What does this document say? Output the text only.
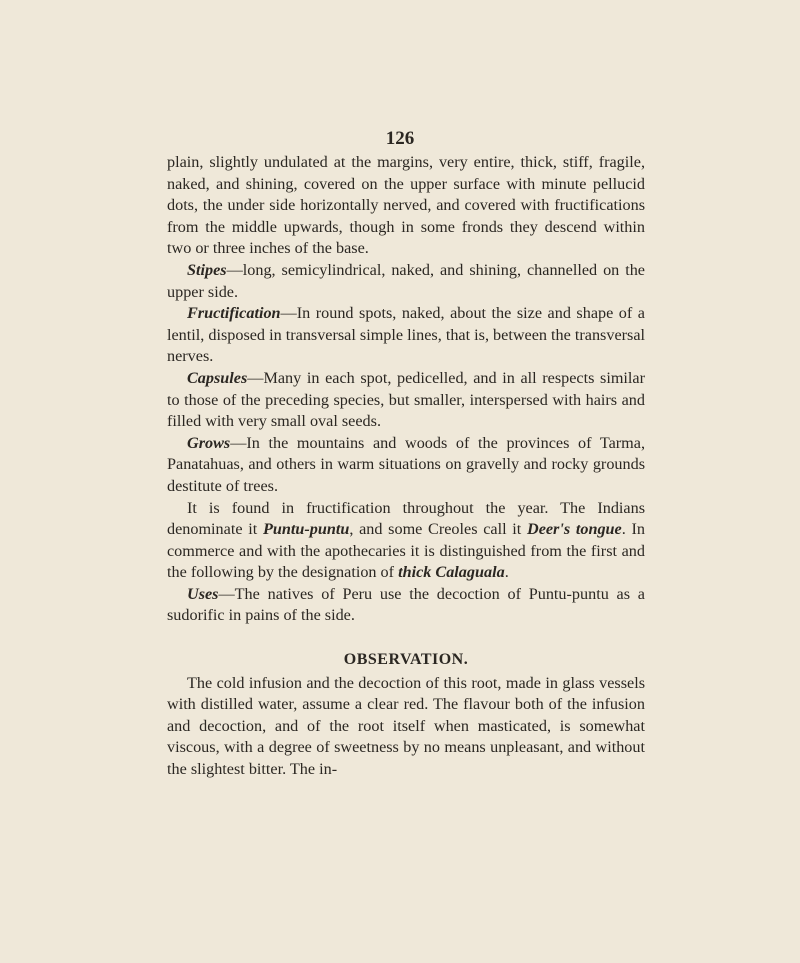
126

plain, slightly undulated at the margins, very entire, thick, stiff, fragile, naked, and shining, covered on the upper surface with minute pellucid dots, the under side horizontally nerved, and covered with fructifications from the middle upwards, though in some fronds they descend within two or three inches of the base.

Stipes—long, semicylindrical, naked, and shining, channelled on the upper side.

Fructification—In round spots, naked, about the size and shape of a lentil, disposed in transversal simple lines, that is, between the transversal nerves.

Capsules—Many in each spot, pedicelled, and in all respects similar to those of the preceding species, but smaller, interspersed with hairs and filled with very small oval seeds.

Grows—In the mountains and woods of the provinces of Tarma, Panatahuas, and others in warm situations on gravelly and rocky grounds destitute of trees.

It is found in fructification throughout the year. The Indians denominate it Puntu-puntu, and some Creoles call it Deer's tongue. In commerce and with the apothecaries it is distinguished from the first and the following by the designation of thick Calaguala.

Uses—The natives of Peru use the decoction of Puntu-puntu as a sudorific in pains of the side.

OBSERVATION.

The cold infusion and the decoction of this root, made in glass vessels with distilled water, assume a clear red. The flavour both of the infusion and decoction, and of the root itself when masticated, is somewhat viscous, with a degree of sweetness by no means unpleasant, and without the slightest bitter. The in-
